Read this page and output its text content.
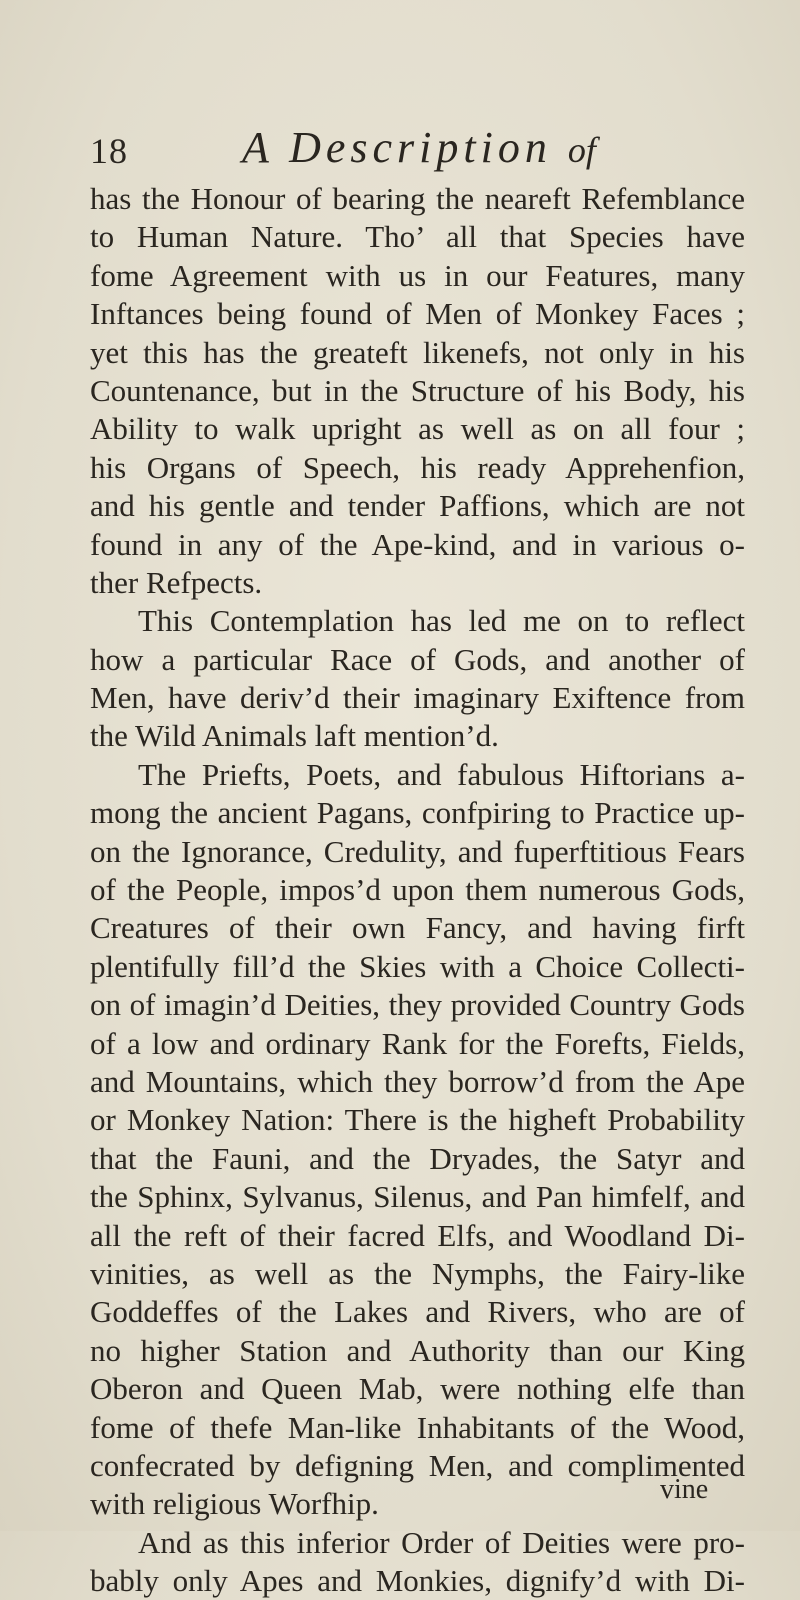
18	A Description of
has the Honour of bearing the neareft Refemblance
to Human Nature. Tho’ all that Species have
fome Agreement with us in our Features, many
Inftances being found of Men of Monkey Faces ;
yet this has the greateft likenefs, not only in his
Countenance, but in the Structure of his Body, his
Ability to walk upright as well as on all four ;
his Organs of Speech, his ready Apprehenfion,
and his gentle and tender Paffions, which are not
found in any of the Ape-kind, and in various o-
ther Refpects.
This Contemplation has led me on to reflect
how a particular Race of Gods, and another of
Men, have deriv’d their imaginary Exiftence from
the Wild Animals laft mention’d.
The Priefts, Poets, and fabulous Hiftorians a-
mong the ancient Pagans, confpiring to Practice up-
on the Ignorance, Credulity, and fuperftitious Fears
of the People, impos’d upon them numerous Gods,
Creatures of their own Fancy, and having firft
plentifully fill’d the Skies with a Choice Collecti-
on of imagin’d Deities, they provided Country Gods
of a low and ordinary Rank for the Forefts, Fields,
and Mountains, which they borrow’d from the Ape
or Monkey Nation: There is the higheft Probability
that the Fauni, and the Dryades, the Satyr and
the Sphinx, Sylvanus, Silenus, and Pan himfelf, and
all the reft of their facred Elfs, and Woodland Di-
vinities, as well as the Nymphs, the Fairy-like
Goddeffes of the Lakes and Rivers, who are of
no higher Station and Authority than our King
Oberon and Queen Mab, were nothing elfe than
fome of thefe Man-like Inhabitants of the Wood,
confecrated by defigning Men, and complimented
with religious Worfhip.
And as this inferior Order of Deities were pro-
bably only Apes and Monkies, dignify’d with Di-
vine
